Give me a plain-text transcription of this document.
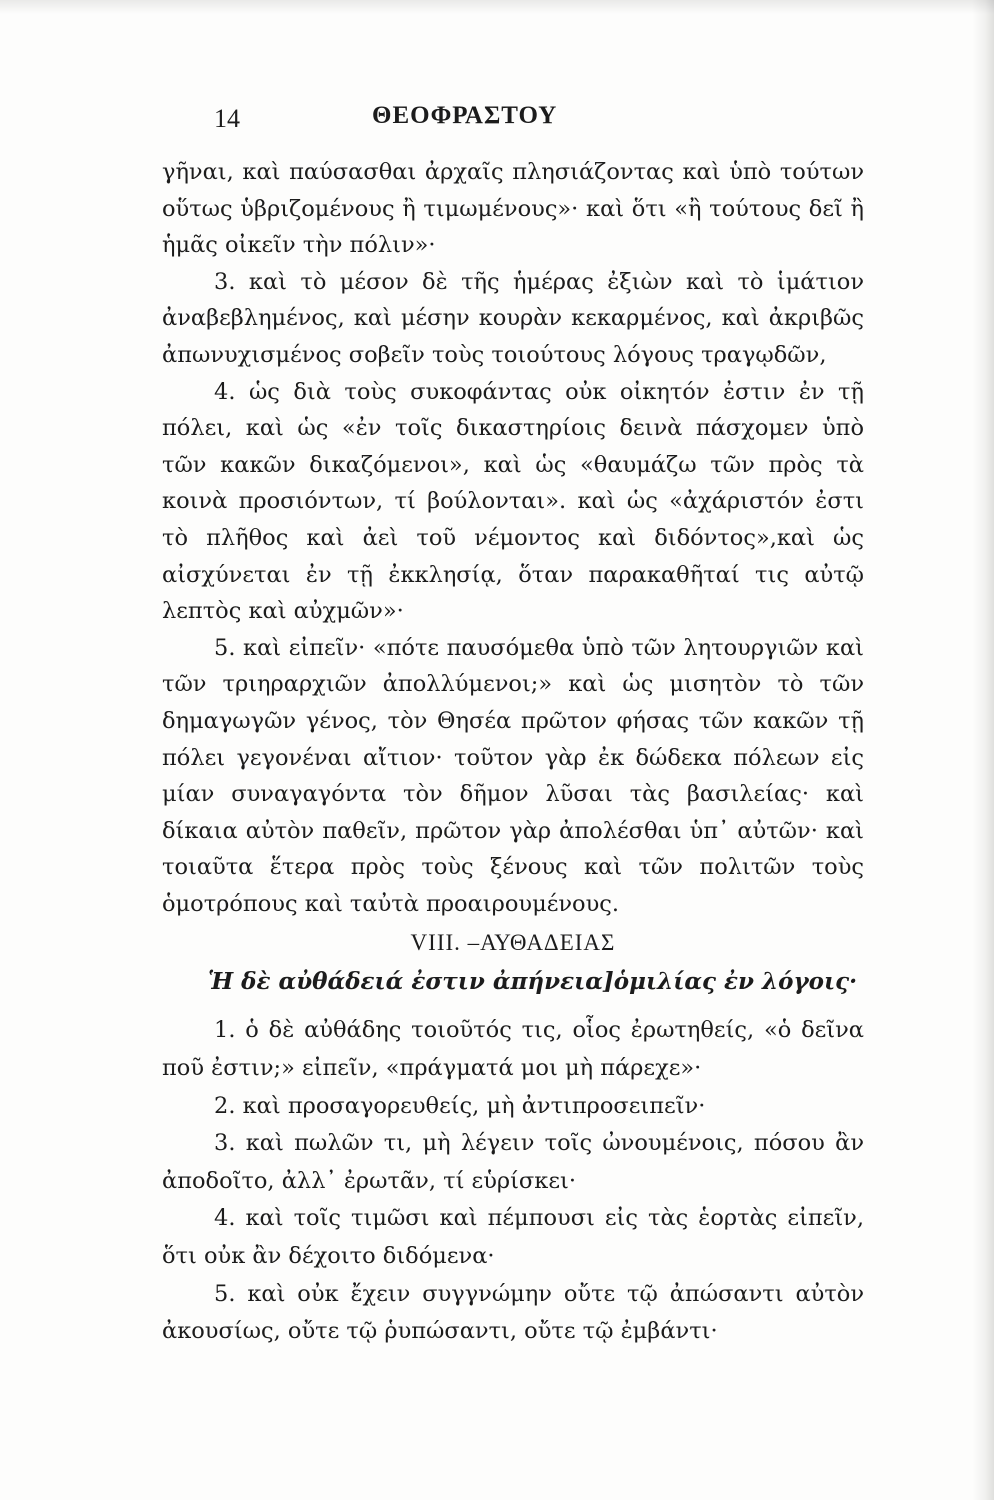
14	ΘΕΟΦΡΑΣΤΟΥ

γῆναι, καὶ παύσασθαι ἀρχαῖς πλησιάζοντας καὶ ὑπὸ τούτων οὕτως ὑβριζομένους ἢ τιμωμένους»· καὶ ὅτι «ἢ τούτους δεῖ ἢ ἡμᾶς οἰκεῖν τὴν πόλιν»·

3. καὶ τὸ μέσον δὲ τῆς ἡμέρας ἐξιὼν καὶ τὸ ἱμάτιον ἀναβεβλημένος, καὶ μέσην κουρὰν κεκαρμένος, καὶ ἀκριβῶς ἀπωνυχισμένος σοβεῖν τοὺς τοιούτους λόγους τραγῳδῶν,

4. ὡς διὰ τοὺς συκοφάντας οὐκ οἰκητόν ἐστιν ἐν τῇ πόλει, καὶ ὡς «ἐν τοῖς δικαστηρίοις δεινὰ πάσχομεν ὑπὸ τῶν κακῶν δικαζόμενοι», καὶ ὡς «θαυμάζω τῶν πρὸς τὰ κοινὰ προσιόντων, τί βούλονται». καὶ ὡς «ἀχάριστόν ἐστι τὸ πλῆθος καὶ ἀεὶ τοῦ νέμοντος καὶ διδόντος»,καὶ ὡς αἰσχύνεται ἐν τῇ ἐκκλησίᾳ, ὅταν παρακαθῆταί τις αὐτῷ λεπτὸς καὶ αὐχμῶν»·

5. καὶ εἰπεῖν· «πότε παυσόμεθα ὑπὸ τῶν λητουργιῶν καὶ τῶν τριηραρχιῶν ἀπολλύμενοι;» καὶ ὡς μισητὸν τὸ τῶν δημαγωγῶν γένος, τὸν Θησέα πρῶτον φήσας τῶν κακῶν τῇ πόλει γεγονέναι αἴτιον· τοῦτον γὰρ ἐκ δώδεκα πόλεων εἰς μίαν συναγαγόντα τὸν δῆμον λῦσαι τὰς βασιλείας· καὶ δίκαια αὐτὸν παθεῖν, πρῶτον γὰρ ἀπολέσθαι ὑπ᾽ αὐτῶν· καὶ τοιαῦτα ἕτερα πρὸς τοὺς ξένους καὶ τῶν πολιτῶν τοὺς ὁμοτρόπους καὶ ταὐτὰ προαιρουμένους.

VIII. –ΑΥΘΑΔΕΙΑΣ
Ἡ δὲ αὐθάδειά ἐστιν ἀπήνεια]ὁμιλίας ἐν λόγοις·

1. ὁ δὲ αὐθάδης τοιοῦτός τις, οἷος ἐρωτηθείς, «ὁ δεῖνα ποῦ ἐστιν;» εἰπεῖν, «πράγματά μοι μὴ πάρεχε»·

2. καὶ προσαγορευθείς, μὴ ἀντιπροσειπεῖν·

3. καὶ πωλῶν τι, μὴ λέγειν τοῖς ὠνουμένοις, πόσου ἂν ἀποδοῖτο, ἀλλ᾽ ἐρωτᾶν, τί εὑρίσκει·

4. καὶ τοῖς τιμῶσι καὶ πέμπουσι εἰς τὰς ἑορτὰς εἰπεῖν, ὅτι οὐκ ἂν δέχοιτο διδόμενα·

5. καὶ οὐκ ἔχειν συγγνώμην οὔτε τῷ ἀπώσαντι αὐτὸν ἀκουσίως, οὔτε τῷ ῥυπώσαντι, οὔτε τῷ ἐμβάντι·
